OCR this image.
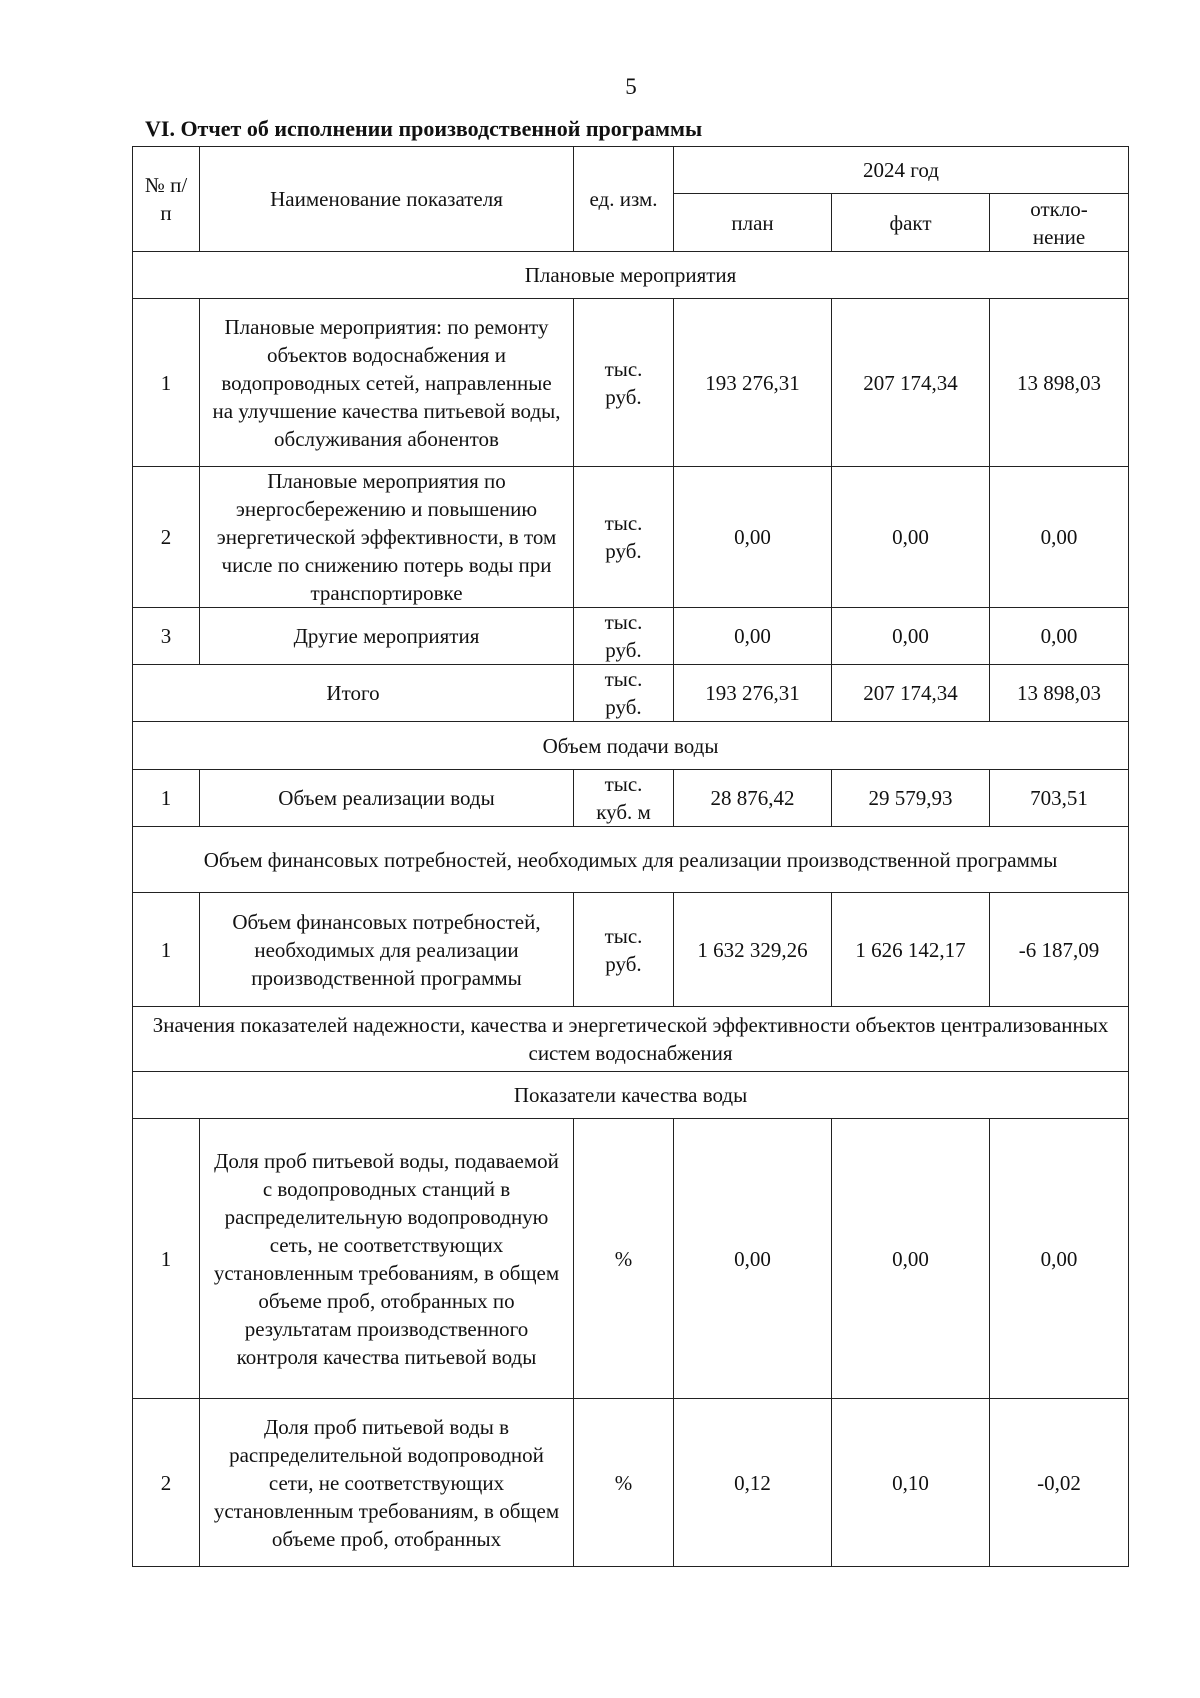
5
VI. Отчет об исполнении производственной программы
№ п/п	Наименование показателя	ед. изм.	2024 год		
			план	факт	откло-
нение
Плановые мероприятия					
1	Плановые мероприятия: по ремонту объектов водоснабжения и водопроводных сетей, направленные на улучшение качества питьевой воды, обслуживания абонентов	тыс. руб.	193 276,31	207 174,34	13 898,03
2	Плановые мероприятия по энергосбережению и повышению энергетической эффективности, в том числе по снижению потерь воды при транспортировке	тыс. руб.	0,00	0,00	0,00
3	Другие мероприятия	тыс. руб.	0,00	0,00	0,00
Итого		тыс. руб.	193 276,31	207 174,34	13 898,03
Объем подачи воды					
1	Объем реализации воды	тыс. куб. м	28 876,42	29 579,93	703,51
Объем финансовых потребностей, необходимых для реализации производственной программы					
1	Объем финансовых потребностей, необходимых для реализации производственной программы	тыс. руб.	1 632 329,26	1 626 142,17	-6 187,09
Значения показателей надежности, качества и энергетической эффективности объектов централизованных систем водоснабжения					
Показатели качества воды					
1	Доля проб питьевой воды, подаваемой с водопроводных станций в распределительную водопроводную сеть, не соответствующих установленным требованиям, в общем объеме проб, отобранных по результатам производственного контроля качества питьевой воды	%	0,00	0,00	0,00
2	Доля проб питьевой воды в распределительной водопроводной сети, не соответствующих установленным требованиям, в общем объеме проб, отобранных	%	0,12	0,10	-0,02
